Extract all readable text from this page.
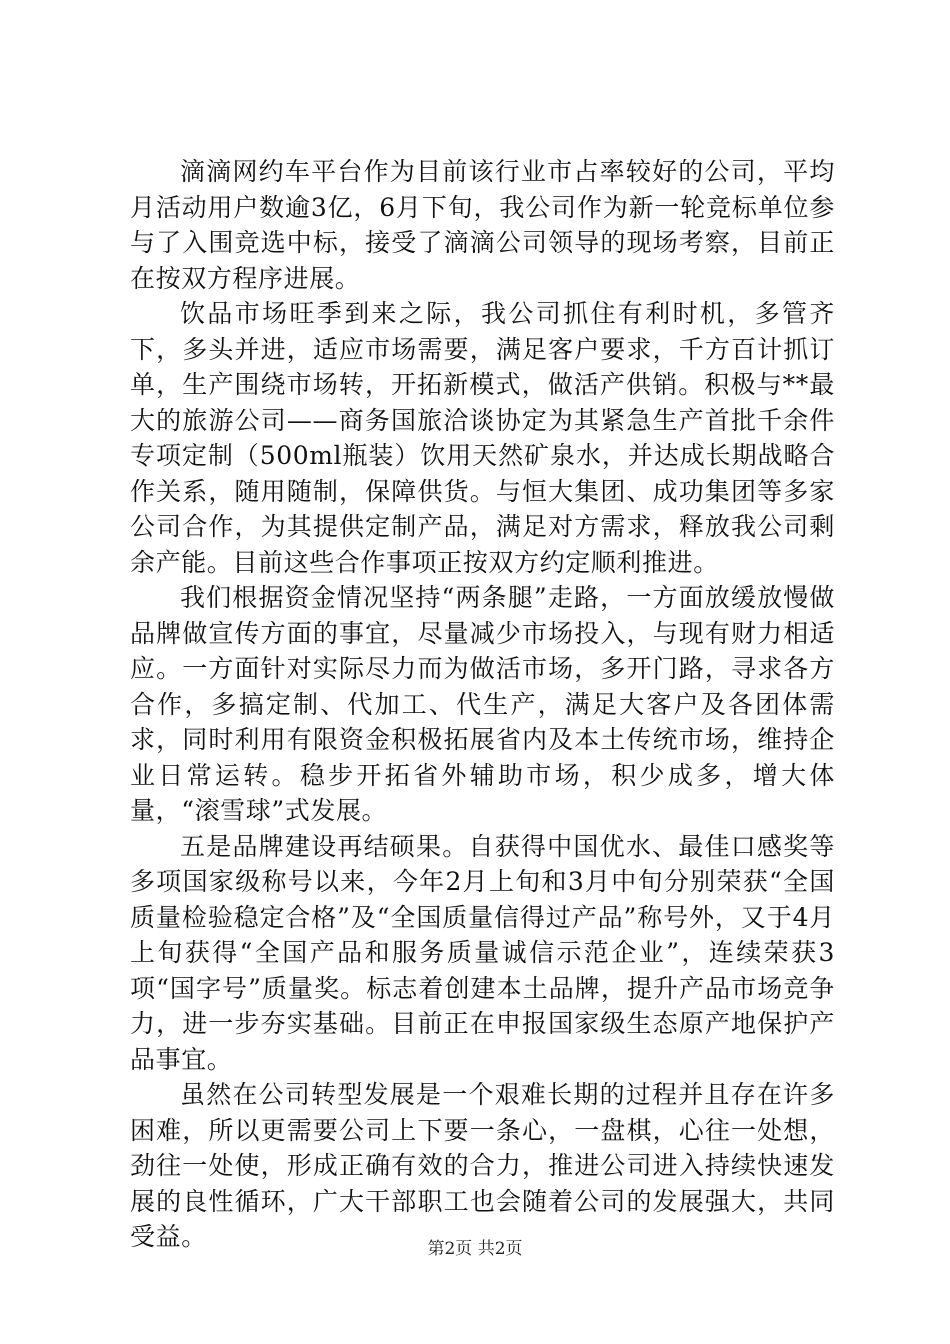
滴滴网约车平台作为目前该行业市占率较好的公司，平均月活动用户数逾3亿，6月下旬，我公司作为新一轮竞标单位参与了入围竞选中标，接受了滴滴公司领导的现场考察，目前正在按双方程序进展。

饮品市场旺季到来之际，我公司抓住有利时机，多管齐下，多头并进，适应市场需要，满足客户要求，千方百计抓订单，生产围绕市场转，开拓新模式，做活产供销。积极与**最大的旅游公司——商务国旅洽谈协定为其紧急生产首批千余件专项定制（500ml瓶装）饮用天然矿泉水，并达成长期战略合作关系，随用随制，保障供货。与恒大集团、成功集团等多家公司合作，为其提供定制产品，满足对方需求，释放我公司剩余产能。目前这些合作事项正按双方约定顺利推进。

我们根据资金情况坚持“两条腿”走路，一方面放缓放慢做品牌做宣传方面的事宜，尽量减少市场投入，与现有财力相适应。一方面针对实际尽力而为做活市场，多开门路，寻求各方合作，多搞定制、代加工、代生产，满足大客户及各团体需求，同时利用有限资金积极拓展省内及本土传统市场，维持企业日常运转。稳步开拓省外辅助市场，积少成多，增大体量，“滚雪球”式发展。

五是品牌建设再结硕果。自获得中国优水、最佳口感奖等多项国家级称号以来，今年2月上旬和3月中旬分别荣获“全国质量检验稳定合格”及“全国质量信得过产品”称号外，又于4月上旬获得“全国产品和服务质量诚信示范企业”，连续荣获3项“国字号”质量奖。标志着创建本土品牌，提升产品市场竞争力，进一步夯实基础。目前正在申报国家级生态原产地保护产品事宜。

虽然在公司转型发展是一个艰难长期的过程并且存在许多困难，所以更需要公司上下要一条心，一盘棋，心往一处想，劲往一处使，形成正确有效的合力，推进公司进入持续快速发展的良性循环，广大干部职工也会随着公司的发展强大，共同受益。	第2页 共2页
